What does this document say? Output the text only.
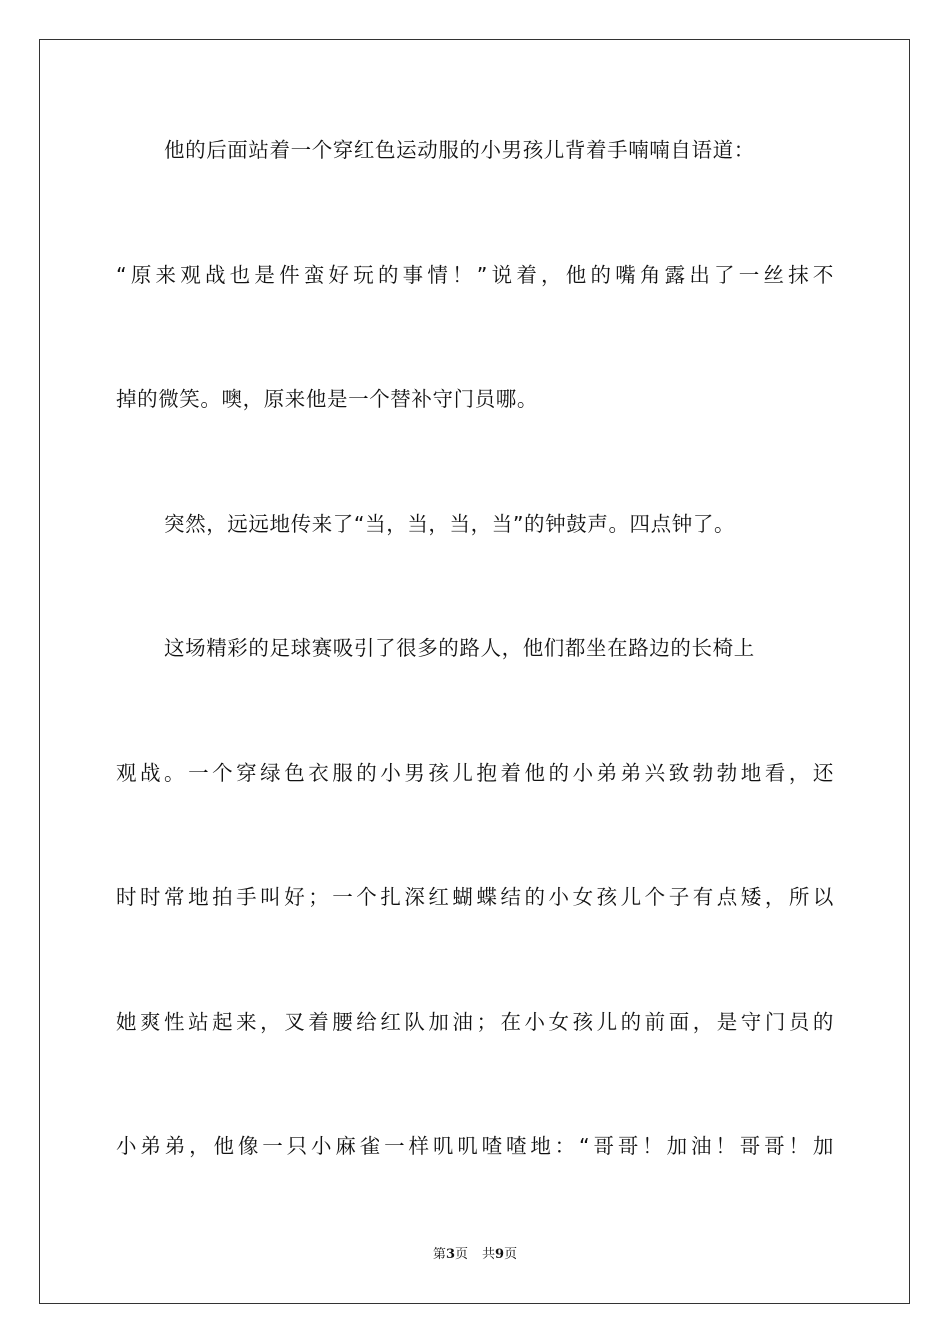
他的后面站着一个穿红色运动服的小男孩儿背着手喃喃自语道：
“原来观战也是件蛮好玩的事情！”说着，他的嘴角露出了一丝抹不
掉的微笑。噢，原来他是一个替补守门员哪。
突然，远远地传来了“当，当，当，当”的钟鼓声。四点钟了。
这场精彩的足球赛吸引了很多的路人，他们都坐在路边的长椅上
观战。一个穿绿色衣服的小男孩儿抱着他的小弟弟兴致勃勃地看，还
时时常地拍手叫好；一个扎深红蝴蝶结的小女孩儿个子有点矮，所以
她爽性站起来，叉着腰给红队加油；在小女孩儿的前面，是守门员的
小弟弟，他像一只小麻雀一样叽叽喳喳地：“哥哥！加油！哥哥！加
第3页 共9页
